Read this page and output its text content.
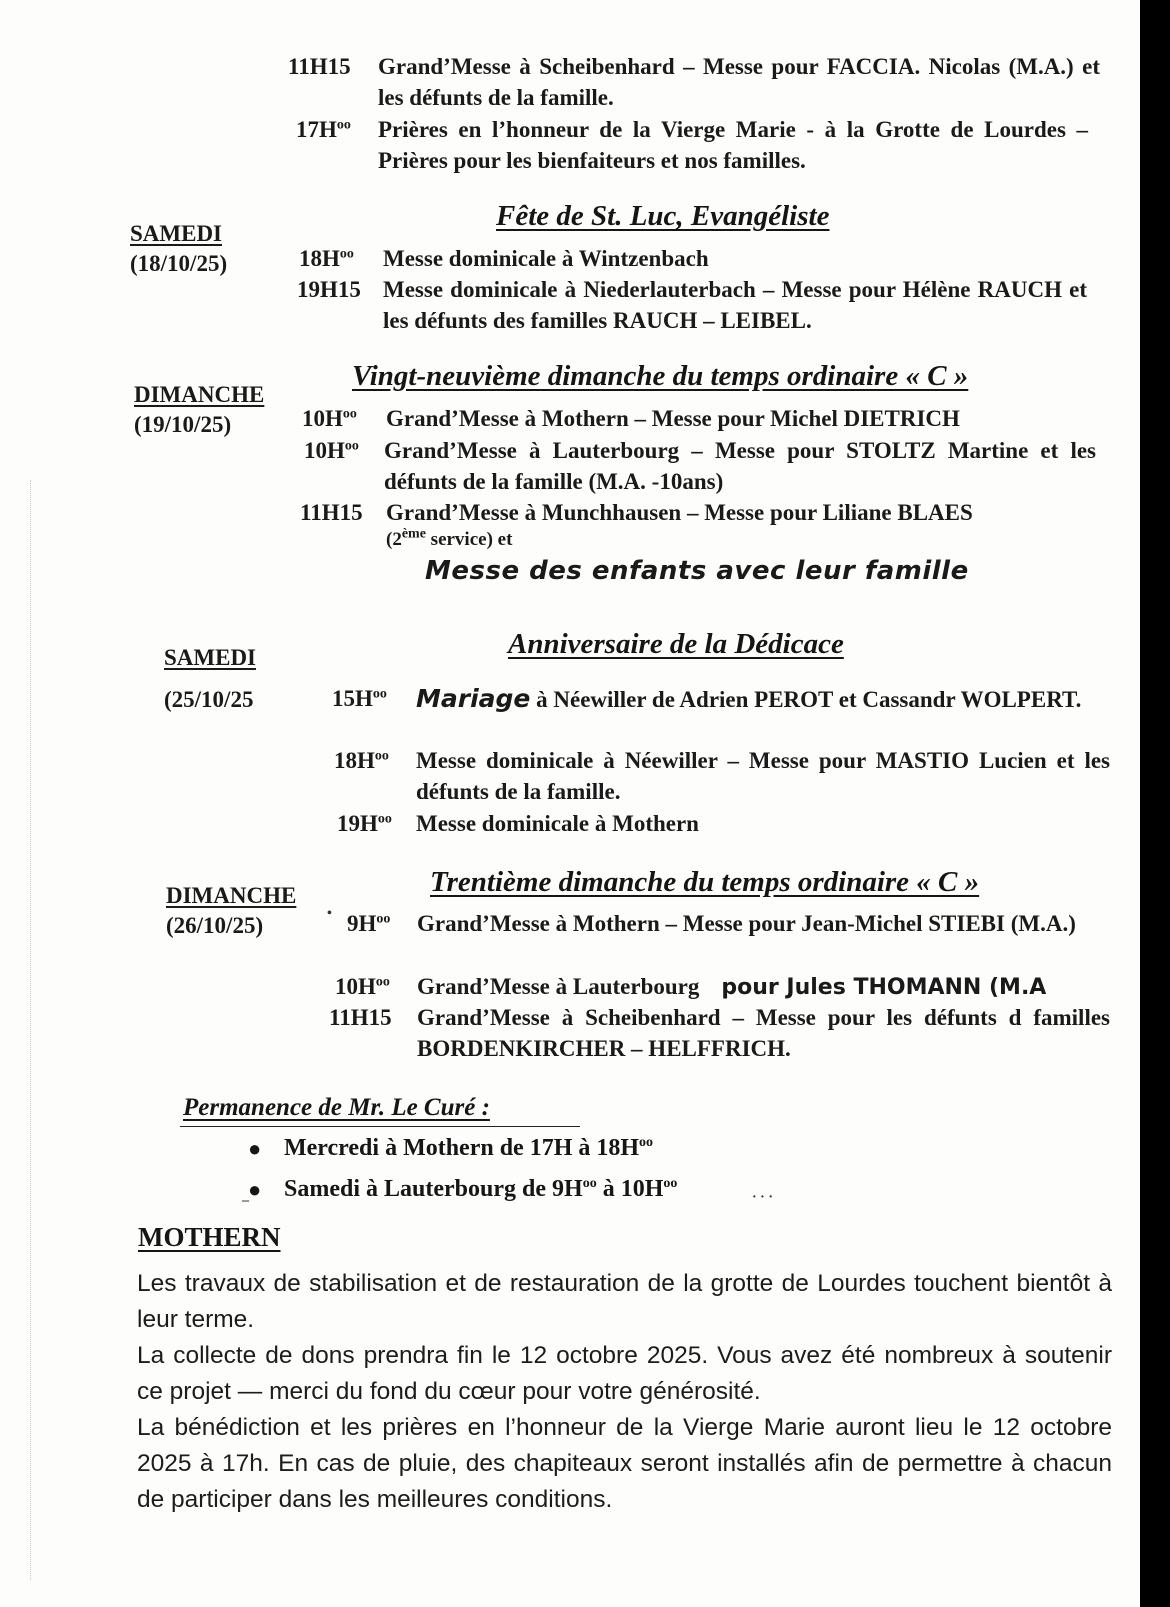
11H15 Grand’Messe à Scheibenhard – Messe pour FACCIA. Nicolas (M.A.) et les défunts de la famille.
$17H^{oo}$ Prières en l’honneur de la Vierge Marie - à la Grotte de Lourdes – Prières pour les bienfaiteurs et nos familles.
SAMEDI
(18/10/25)
Fête de St. Luc, Evangéliste
$18H^{oo}$ Messe dominicale à Wintzenbach
19H15 Messe dominicale à Niederlauterbach – Messe pour Hélène RAUCH et les défunts des familles RAUCH – LEIBEL.
DIMANCHE
(19/10/25)
Vingt-neuvième dimanche du temps ordinaire « C »
$10H^{oo}$ Grand’Messe à Mothern – Messe pour Michel DIETRICH
$10H^{oo}$ Grand’Messe à Lauterbourg – Messe pour STOLTZ Martine et les défunts de la famille (M.A. -10ans)
11H15 Grand’Messe à Munchhausen – Messe pour Liliane BLAES
$^{(2^{ème} service) et}$
Messe des enfants avec leur famille
SAMEDI
(25/10/25
Anniversaire de la Dédicace
$15H^{oo}$ Mariage à Néewiller de Adrien PEROT et Cassandr WOLPERT.
$18H^{oo}$ Messe dominicale à Néewiller – Messe pour MASTIO Lucien et les défunts de la famille.
$19H^{oo}$ Messe dominicale à Mothern
DIMANCHE
(26/10/25)
Trentième dimanche du temps ordinaire « C »
• $9H^{oo}$ Grand’Messe à Mothern – Messe pour Jean-Michel STIEBI (M.A.)
$10H^{oo}$ Grand’Messe à Lauterbourg pour Jules THOMANN (M.A
11H15 Grand’Messe à Scheibenhard – Messe pour les défunts d familles BORDENKIRCHER – HELFFRICH.
Permanence de Mr. Le Curé :
● Mercredi à Mothern de 17H à $18H^{oo}$
● Samedi à Lauterbourg de $9H^{oo}$ à $10H^{oo}$
–	· · ·
MOTHERN

Les travaux de stabilisation et de restauration de la grotte de Lourdes touchent bientôt à leur terme.

La collecte de dons prendra fin le 12 octobre 2025. Vous avez été nombreux à soutenir ce projet — merci du fond du cœur pour votre générosité.

La bénédiction et les prières en l’honneur de la Vierge Marie auront lieu le 12 octobre 2025 à 17h. En cas de pluie, des chapiteaux seront installés afin de permettre à chacun de participer dans les meilleures conditions.
